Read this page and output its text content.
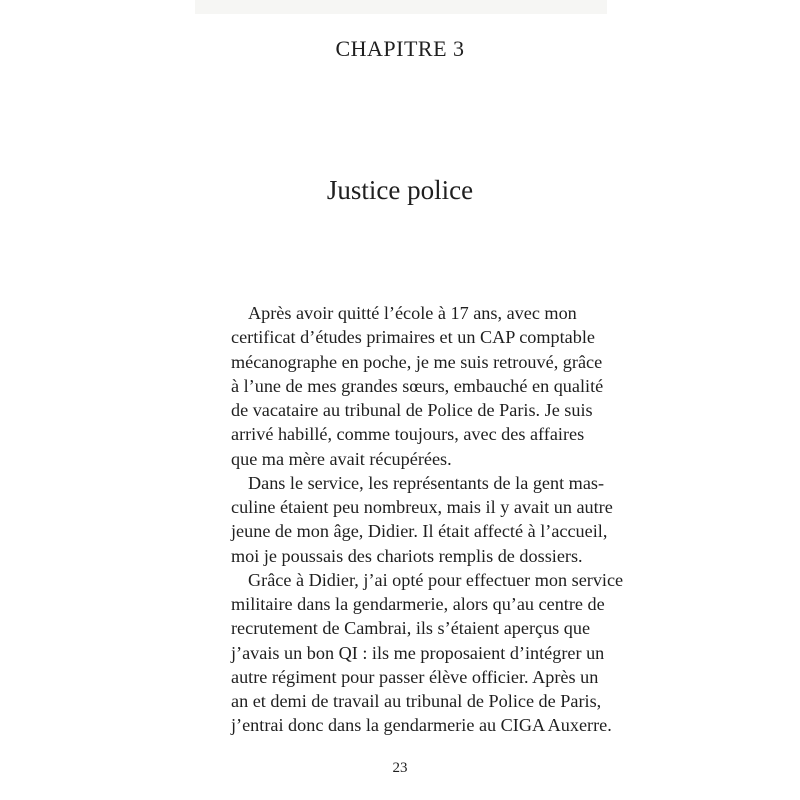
CHAPITRE 3
Justice police
Après avoir quitté l’école à 17 ans, avec mon
certificat d’études primaires et un CAP comptable
mécanographe en poche, je me suis retrouvé, grâce
à l’une de mes grandes sœurs, embauché en qualité
de vacataire au tribunal de Police de Paris. Je suis
arrivé habillé, comme toujours, avec des affaires
que ma mère avait récupérées.
Dans le service, les représentants de la gent mas-
culine étaient peu nombreux, mais il y avait un autre
jeune de mon âge, Didier. Il était affecté à l’accueil,
moi je poussais des chariots remplis de dossiers.
Grâce à Didier, j’ai opté pour effectuer mon service
militaire dans la gendarmerie, alors qu’au centre de
recrutement de Cambrai, ils s’étaient aperçus que
j’avais un bon QI : ils me proposaient d’intégrer un
autre régiment pour passer élève officier. Après un
an et demi de travail au tribunal de Police de Paris,
j’entrai donc dans la gendarmerie au CIGA Auxerre.
23
